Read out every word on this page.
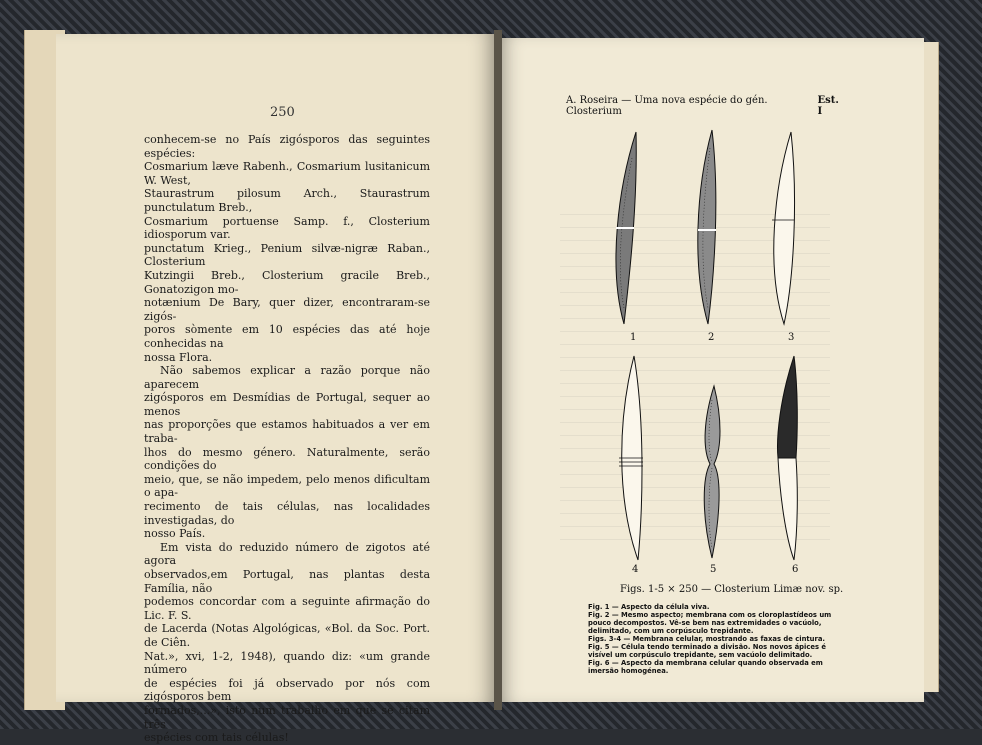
250

conhecem-se no País zigósporos das seguintes espécies:
Cosmarium læve Rabenh., Cosmarium lusitanicum W. West,
Staurastrum pilosum Arch., Staurastrum punctulatum Breb.,
Cosmarium portuense Samp. f., Closterium idiosporum var.
punctatum Krieg., Penium silvæ-nigræ Raban., Closterium
Kutzingii Breb., Closterium gracile Breb., Gonatozigon mo-
notænium De Bary, quer dizer, encontraram-se zigós-
poros sòmente em 10 espécies das até hoje conhecidas na
nossa Flora.

Não sabemos explicar a razão porque não aparecem
zigósporos em Desmídias de Portugal, sequer ao menos
nas proporções que estamos habituados a ver em traba-
lhos do mesmo género. Naturalmente, serão condições do
meio, que, se não impedem, pelo menos dificultam o apa-
recimento de tais células, nas localidades investigadas, do
nosso País.

Em vista do reduzido número de zigotos até agora
observados,em Portugal, nas plantas desta Família, não
podemos concordar com a seguinte afirmação do Lic. F. S.
de Lacerda (Notas Algológicas, «Bol. da Soc. Port. de Ciên.
Nat.», xvi, 1-2, 1948), quando diz: «um grande número
de espécies foi já observado por nós com zigósporos bem
formados,...», isto num trabalho em que se citam três
espécies com tais células!

A. Roseira — Uma nova espécie do gén. Closterium
Est. I
1	2	3
4	5	6
Figs. 1-5 × 250 — Closterium Limæ nov. sp.
Fig. 1 — Aspecto da célula viva.
Fig. 2 — Mesmo aspecto; membrana com os cloroplastídeos um pouco decompostos. Vê-se bem nas extremidades o vacúolo, delimitado, com um corpúsculo trepidante.
Figs. 3-4 — Membrana celular, mostrando as faxas de cintura.
Fig. 5 — Célula tendo terminado a divisão. Nos novos ápices é visível um corpúsculo trepidante, sem vacúolo delimitado.
Fig. 6 — Aspecto da membrana celular quando observada em imersão homogénea.
